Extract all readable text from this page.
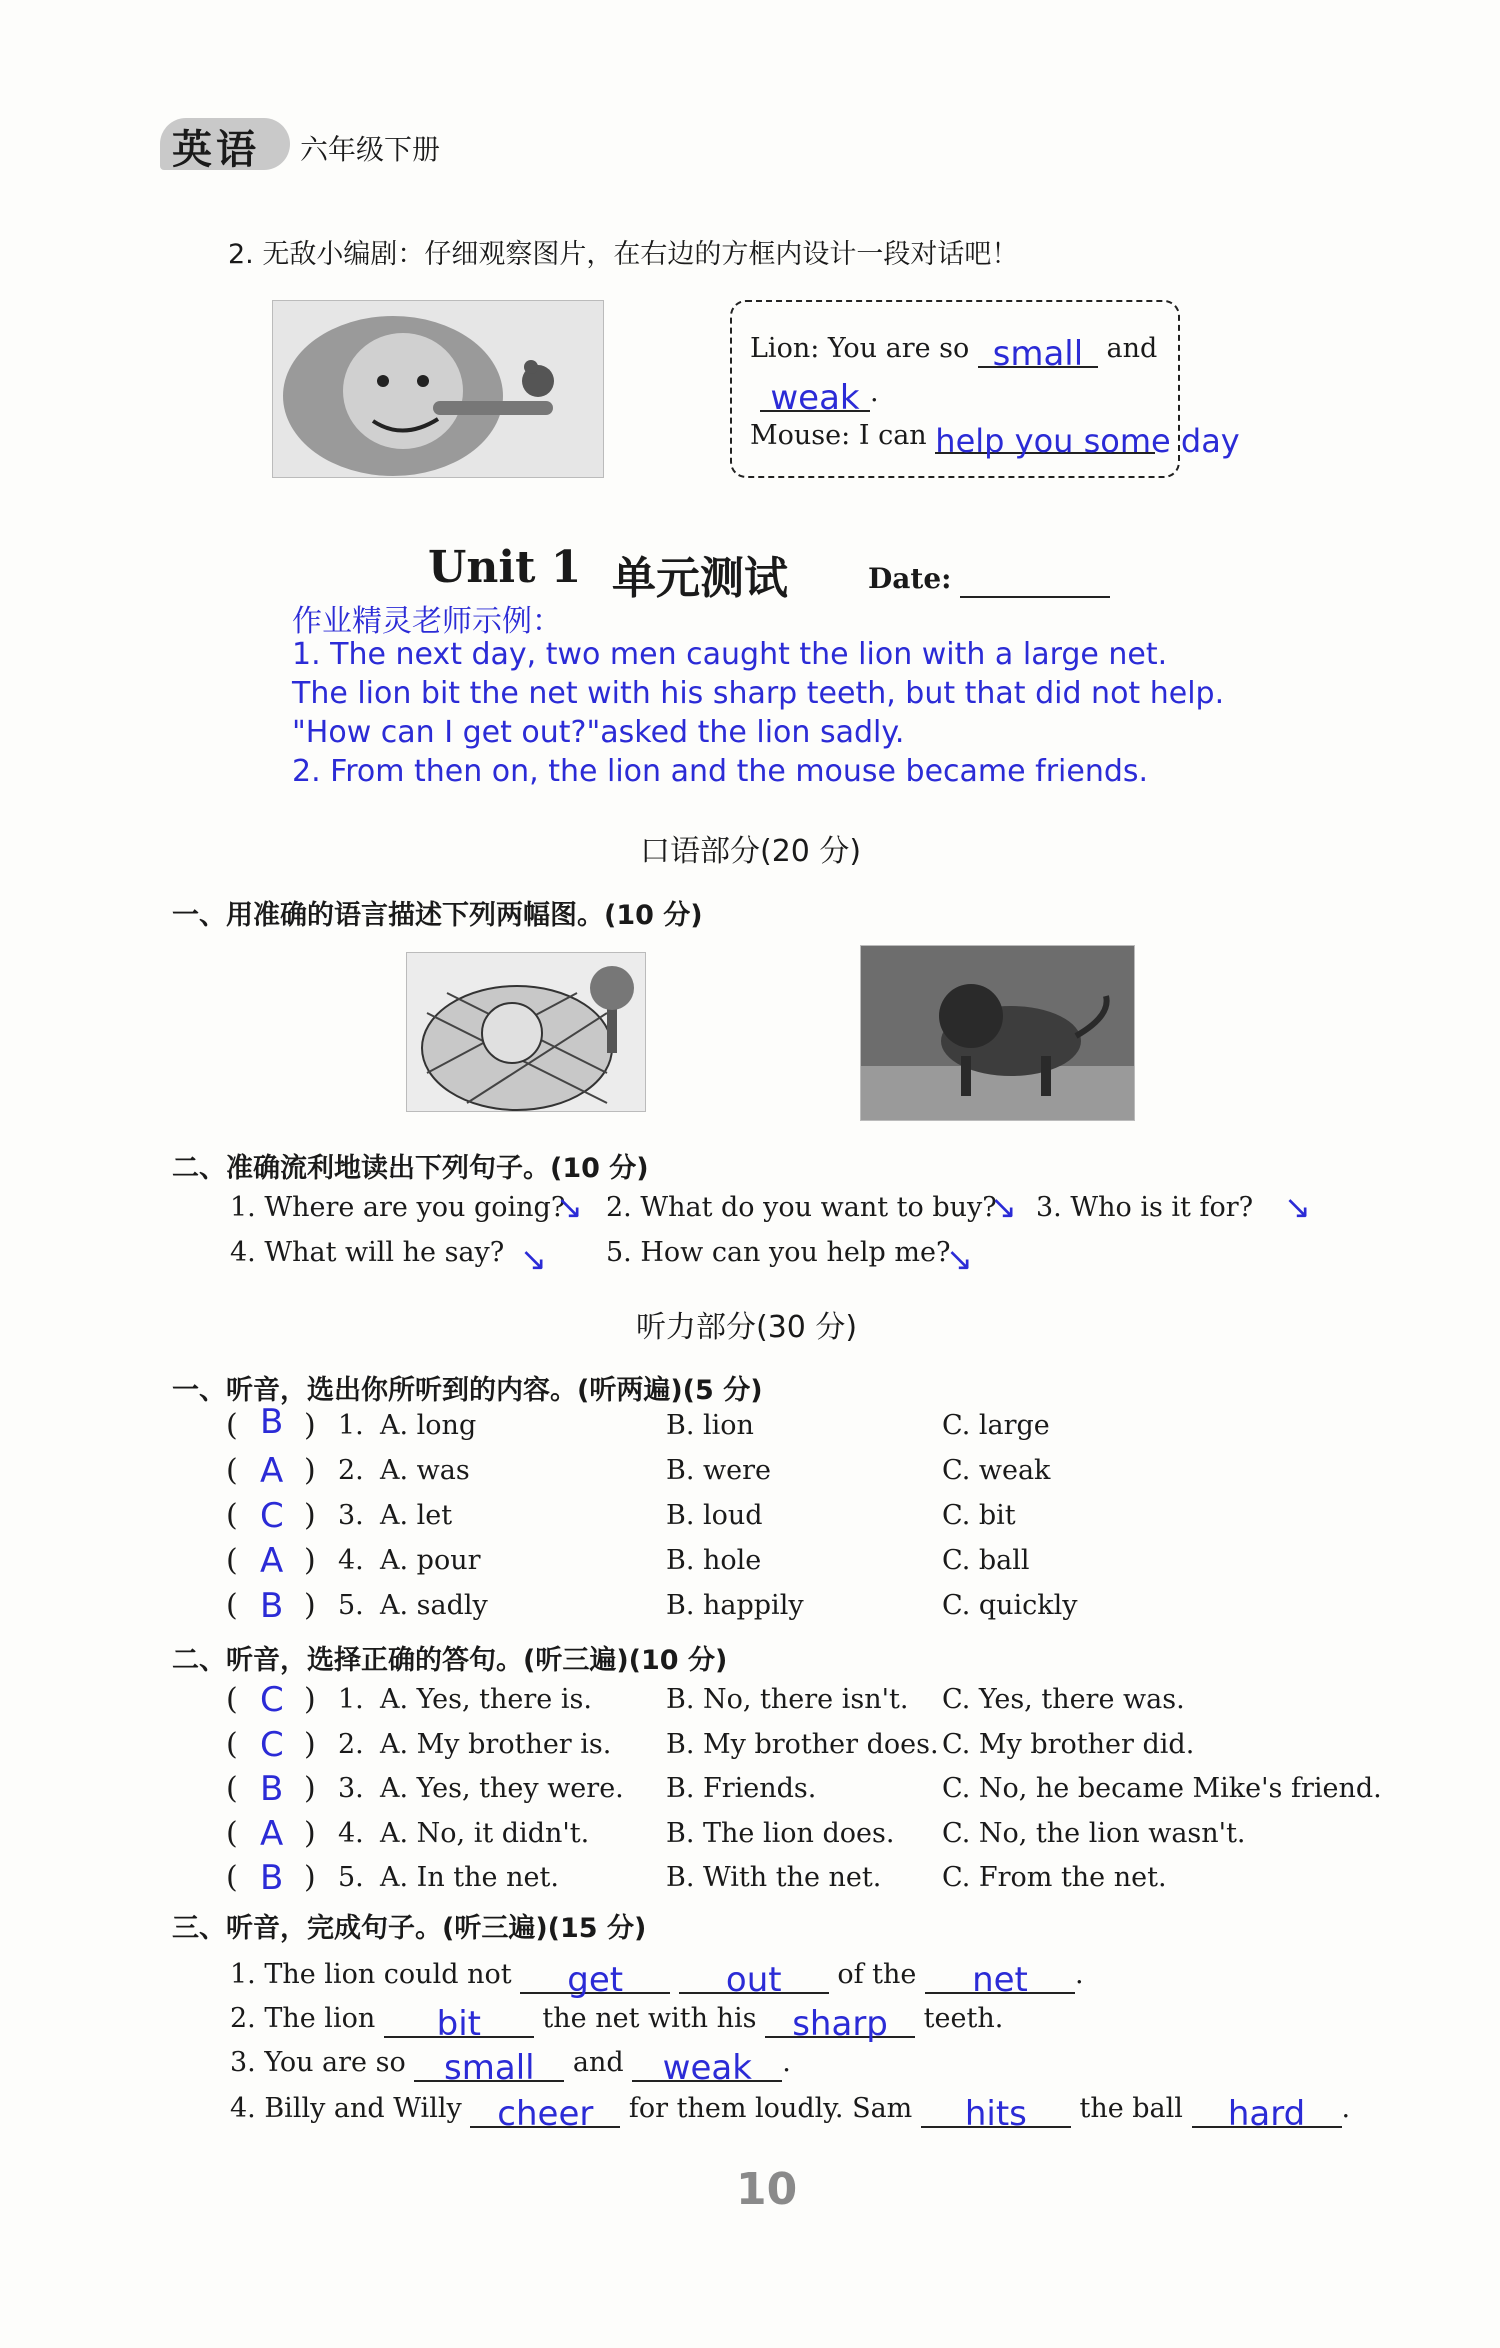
英语 六年级下册
2. 无敌小编剧：仔细观察图片，在右边的方框内设计一段对话吧！
Lion: You are so small and
weak .
Mouse: I can help you some day
Unit 1 单元测试	Date:
作业精灵老师示例：
1. The next day, two men caught the lion with a large net.
The lion bit the net with his sharp teeth, but that did not help.
"How can I get out?"asked the lion sadly.
2. From then on, the lion and the mouse became friends.
口语部分(20 分)
一、用准确的语言描述下列两幅图。(10 分)
二、准确流利地读出下列句子。(10 分)
1. Where are you going?
↘ 2. What do you want to buy?
↘ 3. Who is it for? ↘
4. What will he say? ↘ 5. How can you help me?
↘
听力部分(30 分)
一、听音，选出你所听到的内容。(听两遍)(5 分)
( B ) 1. A. long	B. lion	C. large
( A ) 2. A. was	B. were	C. weak
( C ) 3. A. let	B. loud	C. bit
( A ) 4. A. pour	B. hole	C. ball
( B ) 5. A. sadly	B. happily	C. quickly
二、听音，选择正确的答句。(听三遍)(10 分)
( C ) 1. A. Yes, there is.	B. No, there isn't. C. Yes, there was.
( C ) 2. A. My brother is. B. My brother does. C. My brother did.
( B ) 3. A. Yes, they were. B. Friends.	C. No, he became Mike's friend.
( A ) 4. A. No, it didn't.	B. The lion does. C. No, the lion wasn't.
( B ) 5. A. In the net.	B. With the net. C. From the net.
三、听音，完成句子。(听三遍)(15 分)
1. The lion could not get	out of the net .
2. The lion bit the net with his sharp teeth.
3. You are so small and weak .
4. Billy and Willy cheer for them loudly. Sam hits the ball hard .
10
